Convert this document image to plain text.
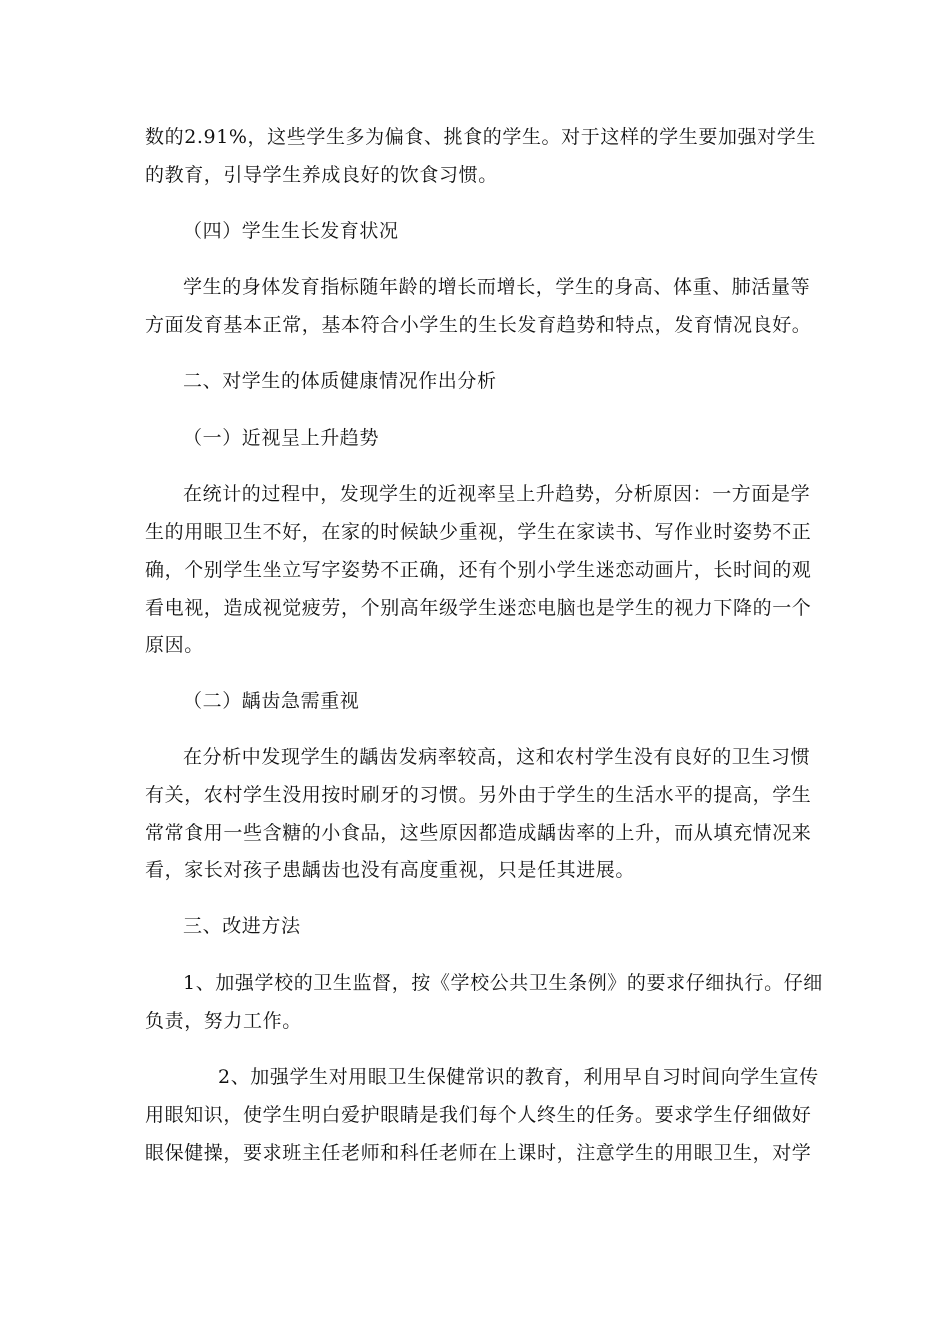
数的2.91%，这些学生多为偏食、挑食的学生。对于这样的学生要加强对学生
的教育，引导学生养成良好的饮食习惯。
（四）学生生长发育状况
学生的身体发育指标随年龄的增长而增长，学生的身高、体重、肺活量等
方面发育基本正常，基本符合小学生的生长发育趋势和特点，发育情况良好。
二、对学生的体质健康情况作出分析
（一）近视呈上升趋势
在统计的过程中，发现学生的近视率呈上升趋势，分析原因：一方面是学
生的用眼卫生不好，在家的时候缺少重视，学生在家读书、写作业时姿势不正
确，个别学生坐立写字姿势不正确，还有个别小学生迷恋动画片，长时间的观
看电视，造成视觉疲劳，个别高年级学生迷恋电脑也是学生的视力下降的一个
原因。
（二）龋齿急需重视
在分析中发现学生的龋齿发病率较高，这和农村学生没有良好的卫生习惯
有关，农村学生没用按时刷牙的习惯。另外由于学生的生活水平的提高，学生
常常食用一些含糖的小食品，这些原因都造成龋齿率的上升，而从填充情况来
看，家长对孩子患龋齿也没有高度重视，只是任其进展。
三、改进方法
1、加强学校的卫生监督，按《学校公共卫生条例》的要求仔细执行。仔细
负责，努力工作。
2、加强学生对用眼卫生保健常识的教育，利用早自习时间向学生宣传
用眼知识，使学生明白爱护眼睛是我们每个人终生的任务。要求学生仔细做好
眼保健操，要求班主任老师和科任老师在上课时，注意学生的用眼卫生，对学
